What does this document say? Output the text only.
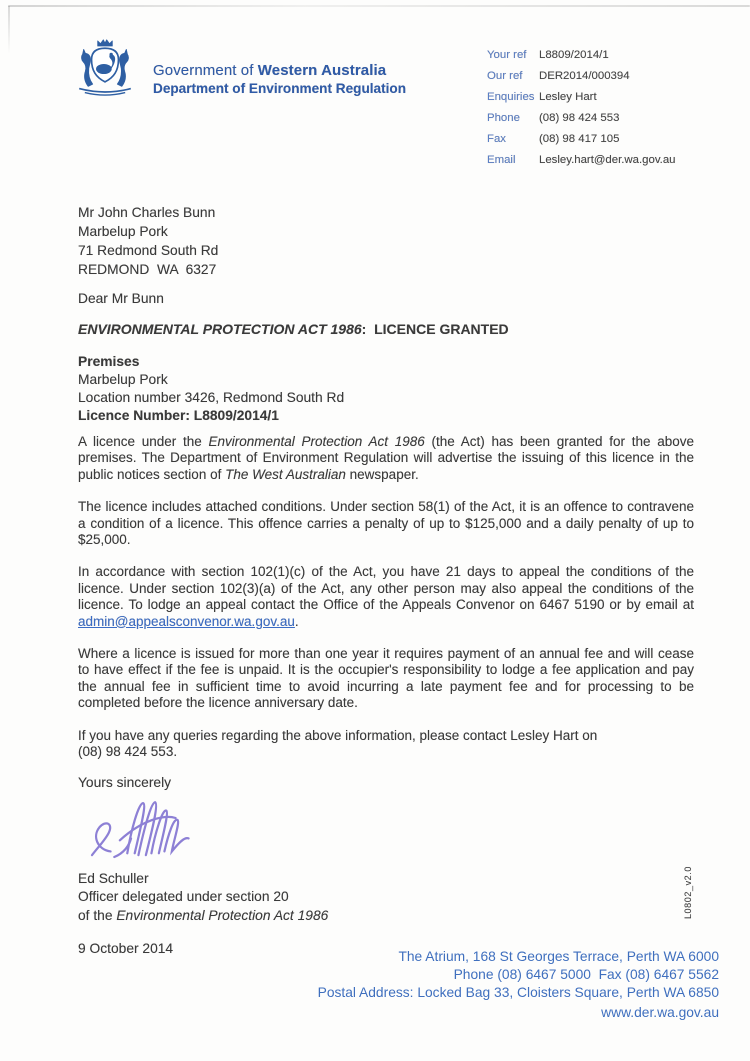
Government of Western Australia
Department of Environment Regulation
Your ref	L8809/2014/1
Our ref	DER2014/000394
Enquiries Lesley Hart
Phone	(08) 98 424 553
Fax	(08) 98 417 105
Email	Lesley.hart@der.wa.gov.au
Mr John Charles Bunn
Marbelup Pork
71 Redmond South Rd
REDMOND  WA  6327
Dear Mr Bunn
ENVIRONMENTAL PROTECTION ACT 1986:  LICENCE GRANTED
Premises
Marbelup Pork
Location number 3426, Redmond South Rd
Licence Number: L8809/2014/1

A licence under the Environmental Protection Act 1986 (the Act) has been granted for the above premises. The Department of Environment Regulation will advertise the issuing of this licence in the public notices section of The West Australian newspaper.

The licence includes attached conditions. Under section 58(1) of the Act, it is an offence to contravene a condition of a licence. This offence carries a penalty of up to $125,000 and a daily penalty of up to $25,000.

In accordance with section 102(1)(c) of the Act, you have 21 days to appeal the conditions of the licence. Under section 102(3)(a) of the Act, any other person may also appeal the conditions of the licence. To lodge an appeal contact the Office of the Appeals Convenor on 6467 5190 or by email at admin@appealsconvenor.wa.gov.au.

Where a licence is issued for more than one year it requires payment of an annual fee and will cease to have effect if the fee is unpaid. It is the occupier's responsibility to lodge a fee application and pay the annual fee in sufficient time to avoid incurring a late payment fee and for processing to be completed before the licence anniversary date.

If you have any queries regarding the above information, please contact Lesley Hart on
(08) 98 424 553.

Yours sincerely
Ed Schuller
Officer delegated under section 20
of the Environmental Protection Act 1986
9 October 2014
L0802_v2.0
The Atrium, 168 St Georges Terrace, Perth WA 6000
Phone (08) 6467 5000  Fax (08) 6467 5562
Postal Address: Locked Bag 33, Cloisters Square, Perth WA 6850
www.der.wa.gov.au
